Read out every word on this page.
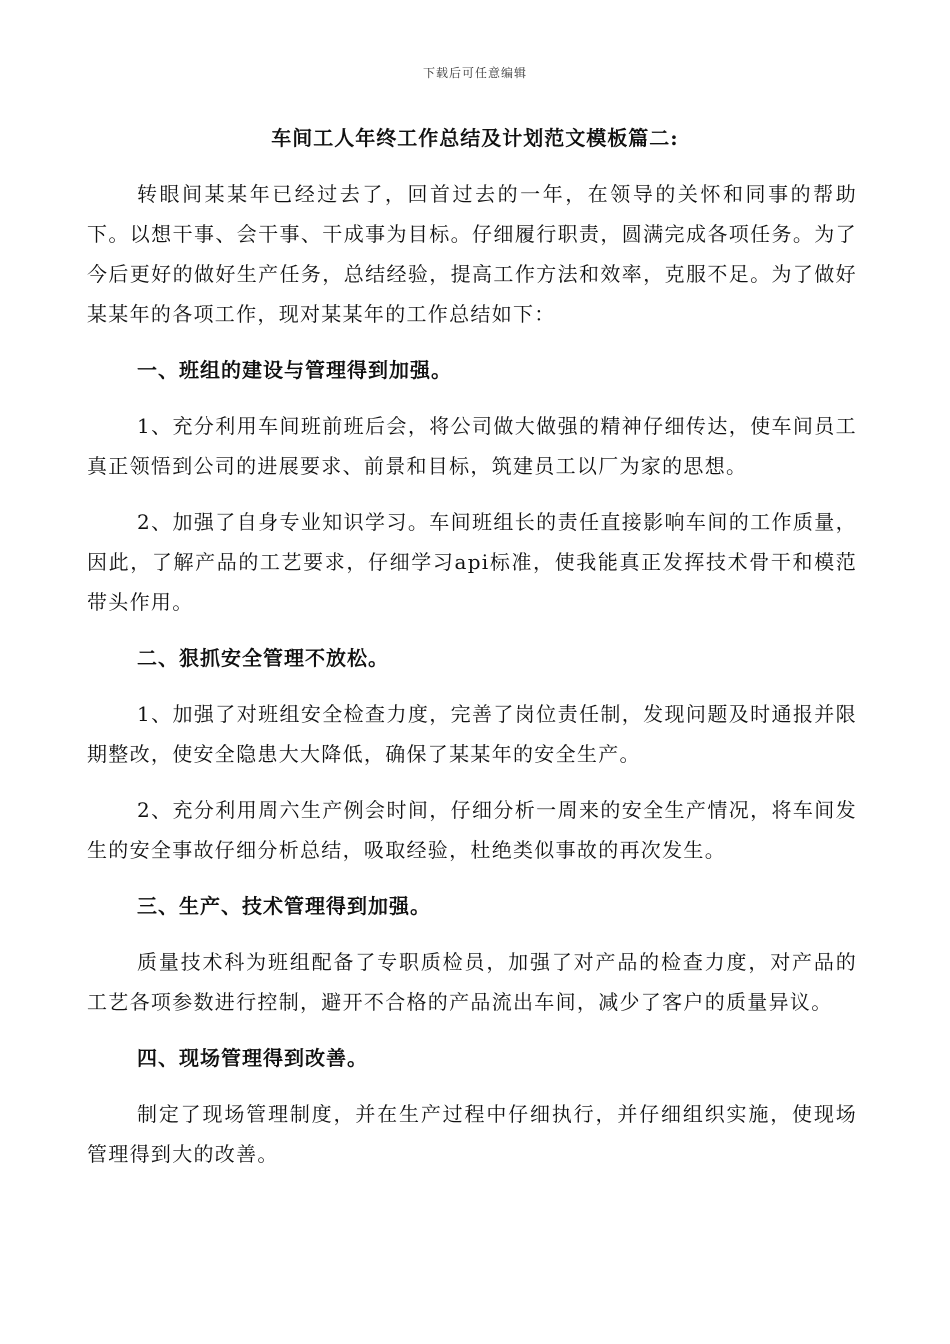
下载后可任意编辑
车间工人年终工作总结及计划范文模板篇二:

转眼间某某年已经过去了，回首过去的一年，在领导的关怀和同事的帮助下。以想干事、会干事、干成事为目标。仔细履行职责，圆满完成各项任务。为了今后更好的做好生产任务，总结经验，提高工作方法和效率，克服不足。为了做好某某年的各项工作，现对某某年的工作总结如下：

一、班组的建设与管理得到加强。

1、充分利用车间班前班后会，将公司做大做强的精神仔细传达，使车间员工真正领悟到公司的进展要求、前景和目标，筑建员工以厂为家的思想。

2、加强了自身专业知识学习。车间班组长的责任直接影响车间的工作质量，因此，了解产品的工艺要求，仔细学习api标准，使我能真正发挥技术骨干和模范带头作用。

二、狠抓安全管理不放松。

1、加强了对班组安全检查力度，完善了岗位责任制，发现问题及时通报并限期整改，使安全隐患大大降低，确保了某某年的安全生产。

2、充分利用周六生产例会时间，仔细分析一周来的安全生产情况，将车间发生的安全事故仔细分析总结，吸取经验，杜绝类似事故的再次发生。

三、生产、技术管理得到加强。

质量技术科为班组配备了专职质检员，加强了对产品的检查力度，对产品的工艺各项参数进行控制，避开不合格的产品流出车间，减少了客户的质量异议。

四、现场管理得到改善。

制定了现场管理制度，并在生产过程中仔细执行，并仔细组织实施，使现场管理得到大的改善。
